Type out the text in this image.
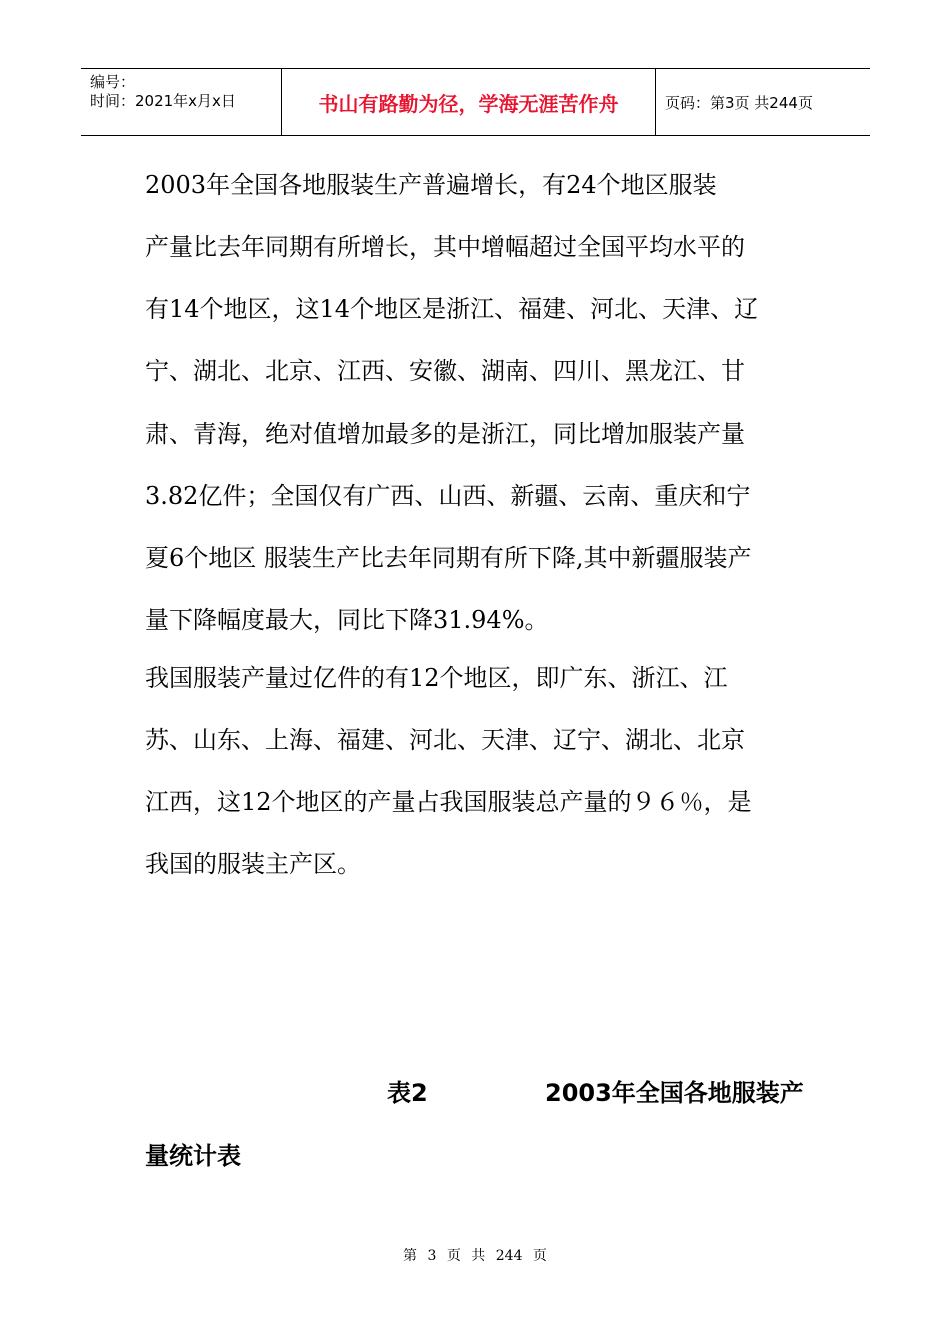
编号：
时间：2021年x月x日	书山有路勤为径，学海无涯苦作舟	页码：第3页 共244页
2003年全国各地服装生产普遍增长，有24个地区服装
产量比去年同期有所增长，其中增幅超过全国平均水平的
有14个地区，这14个地区是浙江、福建、河北、天津、辽
宁、湖北、北京、江西、安徽、湖南、四川、黑龙江、甘
肃、青海，绝对值增加最多的是浙江，同比增加服装产量
3.82亿件；全国仅有广西、山西、新疆、云南、重庆和宁
夏6个地区 服装生产比去年同期有所下降,其中新疆服装产
量下降幅度最大，同比下降31.94%。
我国服装产量过亿件的有12个地区，即广东、浙江、江
苏、山东、上海、福建、河北、天津、辽宁、湖北、北京
江西，这12个地区的产量占我国服装总产量的９６％，是
我国的服装主产区。
表2	2003年全国各地服装产
量统计表
第 3 页 共 244 页
